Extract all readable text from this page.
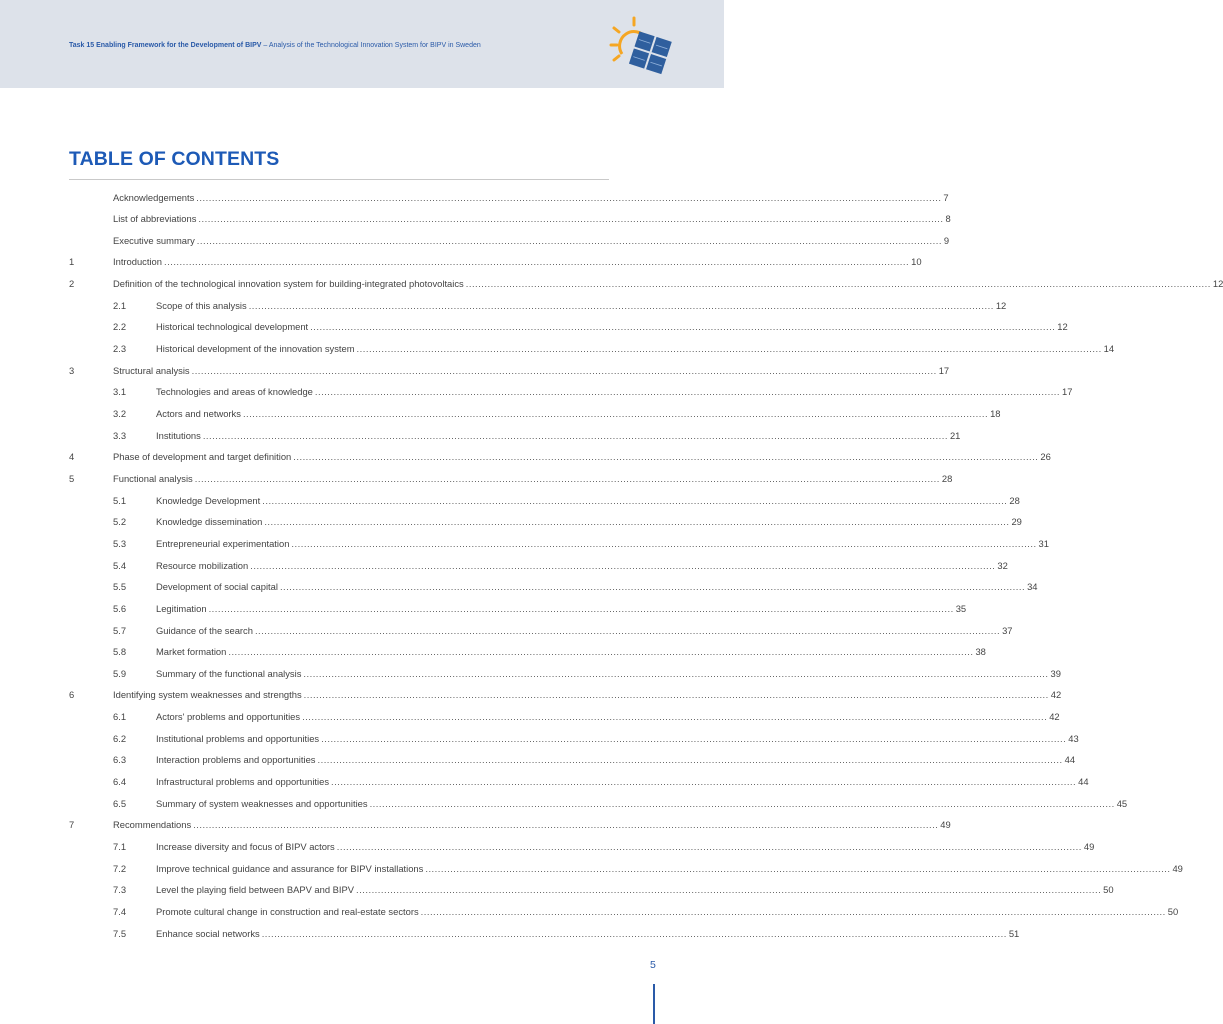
Task 15 Enabling Framework for the Development of BIPV – Analysis of the Technological Innovation System for BIPV in Sweden
TABLE OF CONTENTS
Acknowledgements ................................................................................................................................................................................................................................................ 7
List of abbreviations ................................................................................................................................................................................................................................................ 8
Executive summary ................................................................................................................................................................................................................................................ 9
1	Introduction ................................................................................................................................................................................................................................................ 10
2	Definition of the technological innovation system for building-integrated photovoltaics ................................................................................................................................................................................................................................................ 12
2.1	Scope of this analysis ................................................................................................................................................................................................................................................ 12
2.2	Historical technological development ................................................................................................................................................................................................................................................ 12
2.3	Historical development of the innovation system ................................................................................................................................................................................................................................................ 14
3	Structural analysis ................................................................................................................................................................................................................................................ 17
3.1	Technologies and areas of knowledge ................................................................................................................................................................................................................................................ 17
3.2	Actors and networks ................................................................................................................................................................................................................................................ 18
3.3	Institutions ................................................................................................................................................................................................................................................ 21
4	Phase of development and target definition ................................................................................................................................................................................................................................................ 26
5	Functional analysis ................................................................................................................................................................................................................................................ 28
5.1	Knowledge Development ................................................................................................................................................................................................................................................ 28
5.2	Knowledge dissemination ................................................................................................................................................................................................................................................ 29
5.3	Entrepreneurial experimentation ................................................................................................................................................................................................................................................ 31
5.4	Resource mobilization ................................................................................................................................................................................................................................................ 32
5.5	Development of social capital ................................................................................................................................................................................................................................................ 34
5.6	Legitimation ................................................................................................................................................................................................................................................ 35
5.7	Guidance of the search ................................................................................................................................................................................................................................................ 37
5.8	Market formation ................................................................................................................................................................................................................................................ 38
5.9	Summary of the functional analysis ................................................................................................................................................................................................................................................ 39
6	Identifying system weaknesses and strengths ................................................................................................................................................................................................................................................ 42
6.1	Actors' problems and opportunities ................................................................................................................................................................................................................................................ 42
6.2	Institutional problems and opportunities ................................................................................................................................................................................................................................................ 43
6.3	Interaction problems and opportunities ................................................................................................................................................................................................................................................ 44
6.4	Infrastructural problems and opportunities ................................................................................................................................................................................................................................................ 44
6.5	Summary of system weaknesses and opportunities ................................................................................................................................................................................................................................................ 45
7	Recommendations ................................................................................................................................................................................................................................................ 49
7.1	Increase diversity and focus of BIPV actors ................................................................................................................................................................................................................................................ 49
7.2	Improve technical guidance and assurance for BIPV installations ................................................................................................................................................................................................................................................ 49
7.3	Level the playing field between BAPV and BIPV ................................................................................................................................................................................................................................................ 50
7.4	Promote cultural change in construction and real-estate sectors ................................................................................................................................................................................................................................................ 50
7.5	Enhance social networks ................................................................................................................................................................................................................................................ 51
5
